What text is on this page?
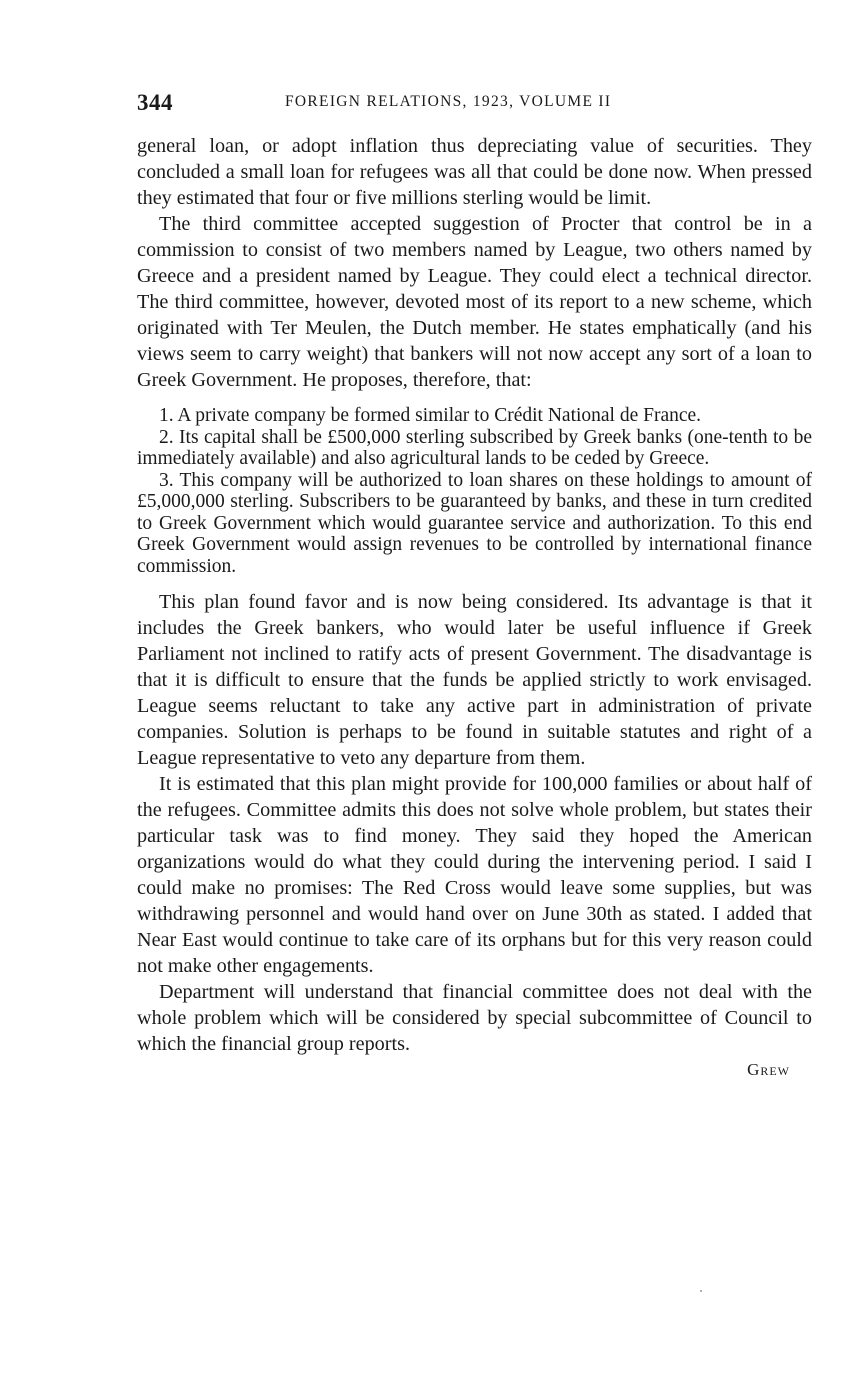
344	FOREIGN RELATIONS, 1923, VOLUME II

general loan, or adopt inflation thus depreciating value of securities. They concluded a small loan for refugees was all that could be done now. When pressed they estimated that four or five millions sterling would be limit.

The third committee accepted suggestion of Procter that control be in a commission to consist of two members named by League, two others named by Greece and a president named by League. They could elect a technical director. The third committee, however, devoted most of its report to a new scheme, which originated with Ter Meulen, the Dutch member. He states emphatically (and his views seem to carry weight) that bankers will not now accept any sort of a loan to Greek Government. He proposes, therefore, that:

1. A private company be formed similar to Crédit National de France.

2. Its capital shall be £500,000 sterling subscribed by Greek banks (one-tenth to be immediately available) and also agricultural lands to be ceded by Greece.

3. This company will be authorized to loan shares on these holdings to amount of £5,000,000 sterling. Subscribers to be guaranteed by banks, and these in turn credited to Greek Government which would guarantee service and authorization. To this end Greek Government would assign revenues to be controlled by international finance commission.

This plan found favor and is now being considered. Its advantage is that it includes the Greek bankers, who would later be useful influence if Greek Parliament not inclined to ratify acts of present Government. The disadvantage is that it is difficult to ensure that the funds be applied strictly to work envisaged. League seems reluctant to take any active part in administration of private companies. Solution is perhaps to be found in suitable statutes and right of a League representative to veto any departure from them.

It is estimated that this plan might provide for 100,000 families or about half of the refugees. Committee admits this does not solve whole problem, but states their particular task was to find money. They said they hoped the American organizations would do what they could during the intervening period. I said I could make no promises: The Red Cross would leave some supplies, but was withdrawing personnel and would hand over on June 30th as stated. I added that Near East would continue to take care of its orphans but for this very reason could not make other engagements.

Department will understand that financial committee does not deal with the whole problem which will be considered by special subcommittee of Council to which the financial group reports.

Grew
